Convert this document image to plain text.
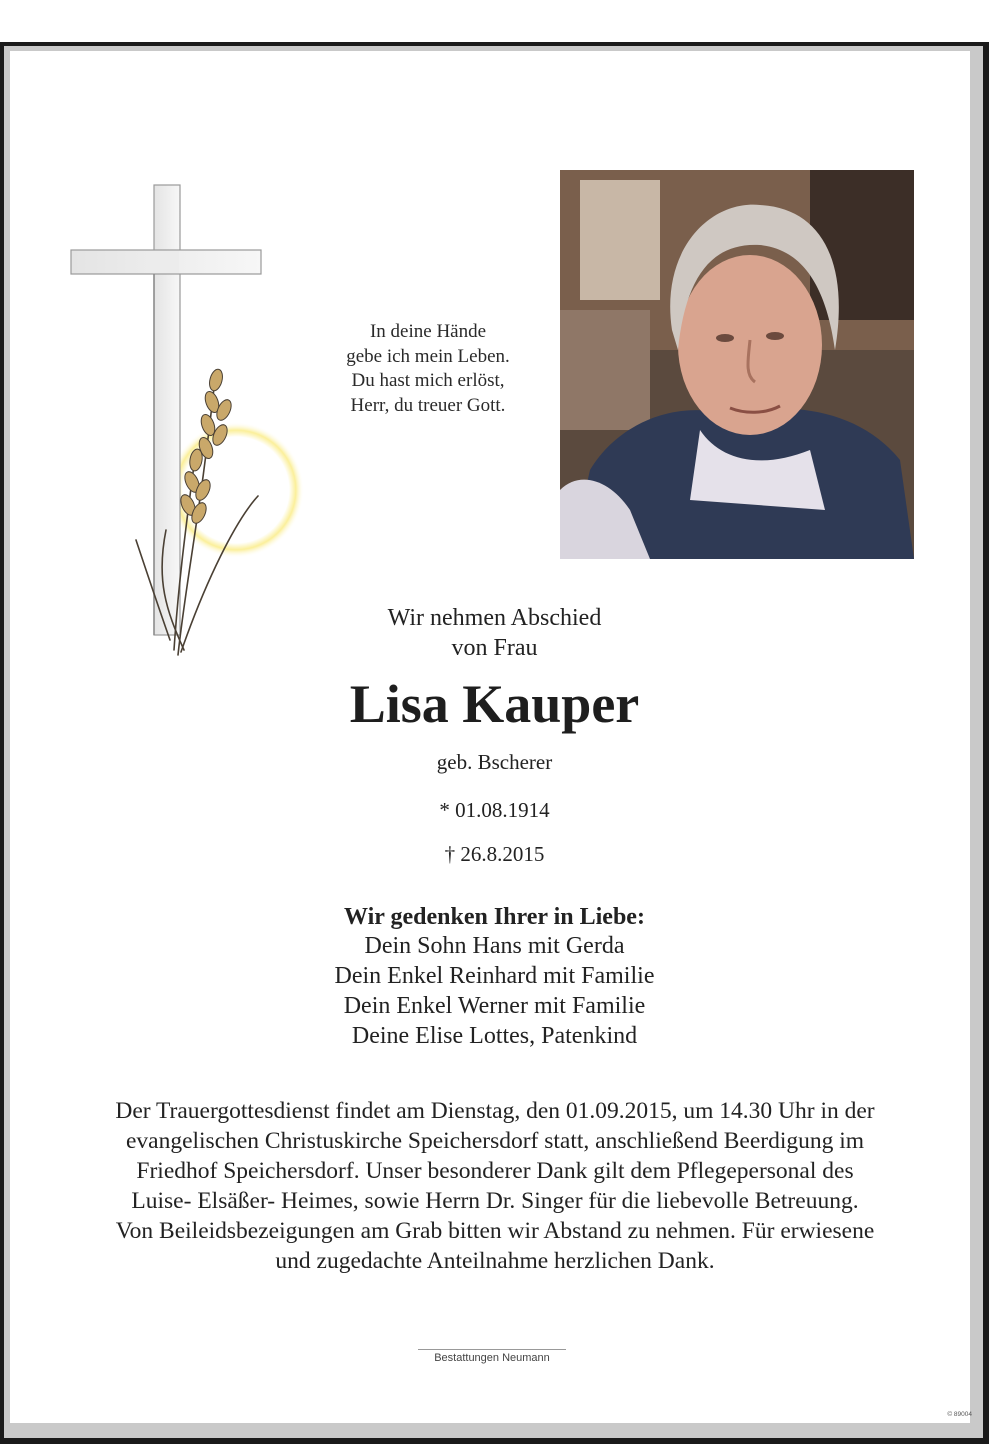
In deine Hände
gebe ich mein Leben.
Du hast mich erlöst,
Herr, du treuer Gott.
Wir nehmen Abschied
von Frau
Lisa Kauper
geb. Bscherer
* 01.08.1914
† 26.8.2015
Wir gedenken Ihrer in Liebe:
Dein Sohn Hans mit Gerda
Dein Enkel Reinhard mit Familie
Dein Enkel Werner mit Familie
Deine Elise Lottes, Patenkind
Der Trauergottesdienst findet am Dienstag, den 01.09.2015, um 14.30 Uhr in der
evangelischen Christuskirche Speichersdorf statt, anschließend Beerdigung im
Friedhof Speichersdorf. Unser besonderer Dank gilt dem Pflegepersonal des
Luise- Elsäßer- Heimes, sowie Herrn Dr. Singer für die liebevolle Betreuung.
Von Beileidsbezeigungen am Grab bitten wir Abstand zu nehmen. Für erwiesene
und zugedachte Anteilnahme herzlichen Dank.
Bestattungen Neumann
© 89004
